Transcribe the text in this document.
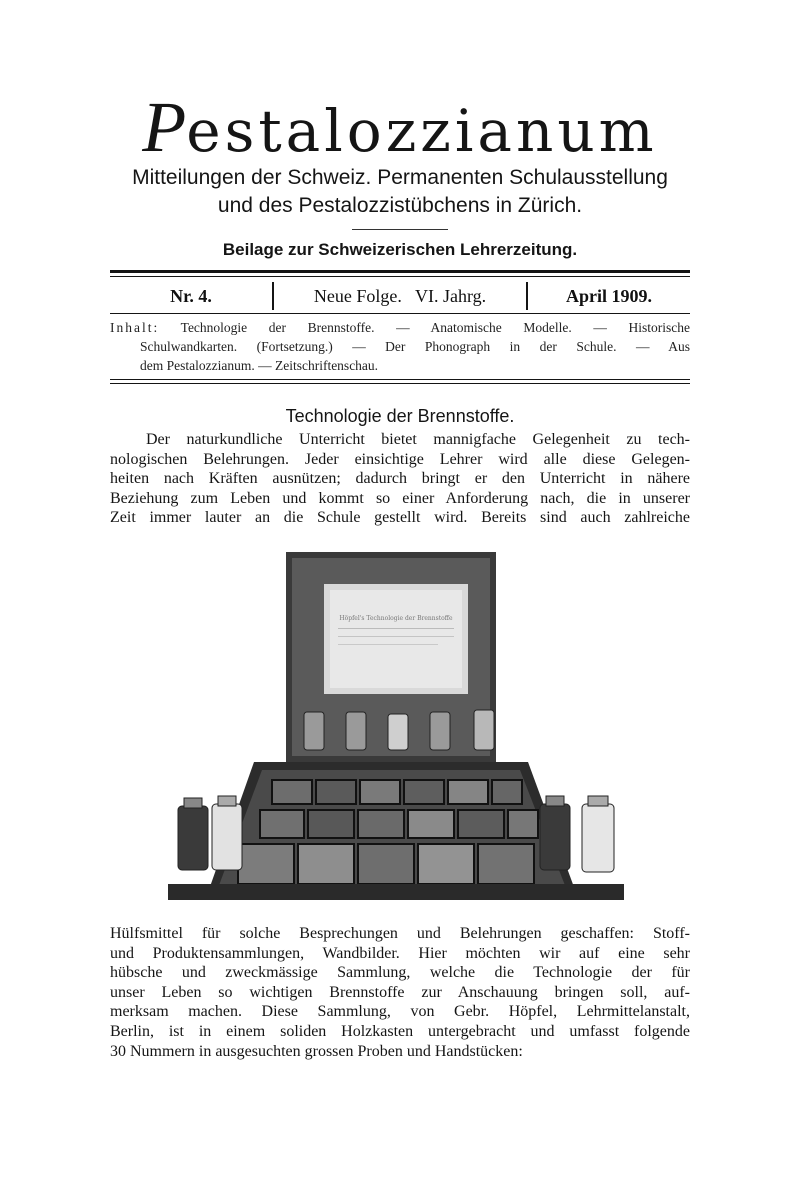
Pestalozzianum
Mitteilungen der Schweiz. Permanenten Schulausstellung
und des Pestalozzistübchens in Zürich.
Beilage zur Schweizerischen Lehrerzeitung.
Nr. 4.	Neue Folge.   VI. Jahrg.	April 1909.
Inhalt: Technologie der Brennstoffe. — Anatomische Modelle. — Historische
Schulwandkarten. (Fortsetzung.) — Der Phonograph in der Schule. — Aus
dem Pestalozzianum. — Zeitschriftenschau.
Technologie der Brennstoffe.
Der naturkundliche Unterricht bietet mannigfache Gelegenheit zu tech-
nologischen Belehrungen. Jeder einsichtige Lehrer wird alle diese Gelegen-
heiten nach Kräften ausnützen; dadurch bringt er den Unterricht in nähere
Beziehung zum Leben und kommt so einer Anforderung nach, die in unserer
Zeit immer lauter an die Schule gestellt wird. Bereits sind auch zahlreiche
Höpfel's Technologie der Brennstoffe
Hülfsmittel für solche Besprechungen und Belehrungen geschaffen: Stoff-
und Produktensammlungen, Wandbilder. Hier möchten wir auf eine sehr
hübsche und zweckmässige Sammlung, welche die Technologie der für
unser Leben so wichtigen Brennstoffe zur Anschauung bringen soll, auf-
merksam machen. Diese Sammlung, von Gebr. Höpfel, Lehrmittelanstalt,
Berlin, ist in einem soliden Holzkasten untergebracht und umfasst folgende
30 Nummern in ausgesuchten grossen Proben und Handstücken:
